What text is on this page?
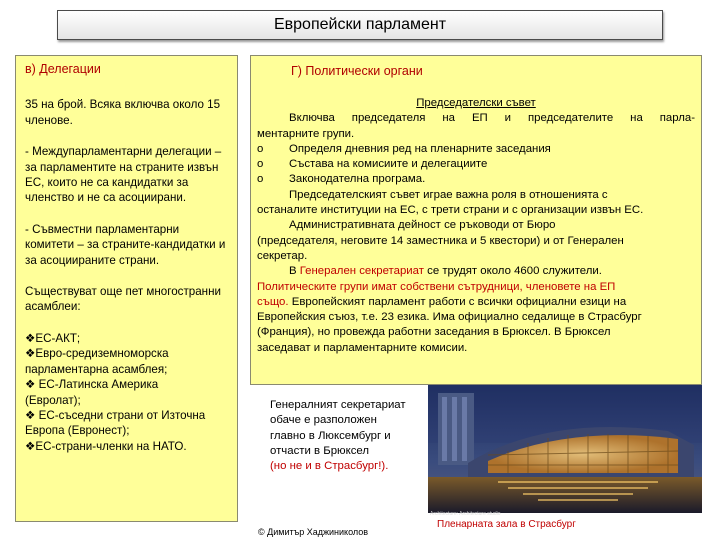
Европейски парламент
в) Делегации

35 на брой. Всяка включва около 15 членове.

- Междупарламентарни делегации – за парламентите на страните извън ЕС, които не са кандидатки за членство и не са асоциирани.

- Съвместни парламентарни комитети – за страните-кандидатки и за асоциираните страни.

Съществуват още пет многостранни асамблеи:

❖ЕС-АКТ;
❖Евро-средиземноморска
парламентарна асамблея;
❖ ЕС-Латинска Америка
(Евролат);
❖ ЕС-съседни страни от Източна
Европа (Евронест);
❖ЕС-страни-членки на НАТО.
Г) Политически органи
Председателски съвет
Включва председателя на ЕП и председателите на парла-
ментарните групи.
o	Определя дневния ред на пленарните заседания
o	Състава на комисиите и делегациите
o	Законодателна програма.
Председателският съвет играе важна роля в отношенията с
останалите институции на ЕС, с трети страни и с организации извън ЕС.
Административната дейност се ръководи от Бюро
(председателя, неговите 14 заместника и 5 квестори) и от Генерален
секретар.
В Генерален секретариат се трудят около 4600 служители.
Политическите групи имат собствени сътрудници, членовете на ЕП
също. Европейският парламент работи с всички официални езици на
Европейския съюз, т.е. 23 езика. Има официално седалище в Страсбург
(Франция), но провежда работни заседания в Брюксел. В Брюксел
заседават и парламентарните комисии.
Генералният секретариат
обаче е разположен
главно в Люксембург и
отчасти в Брюксел
(но не и в Страсбург!).
Architecture: Architecture studio
Пленарната зала в Страсбург
© Димитър Хаджиниколов
